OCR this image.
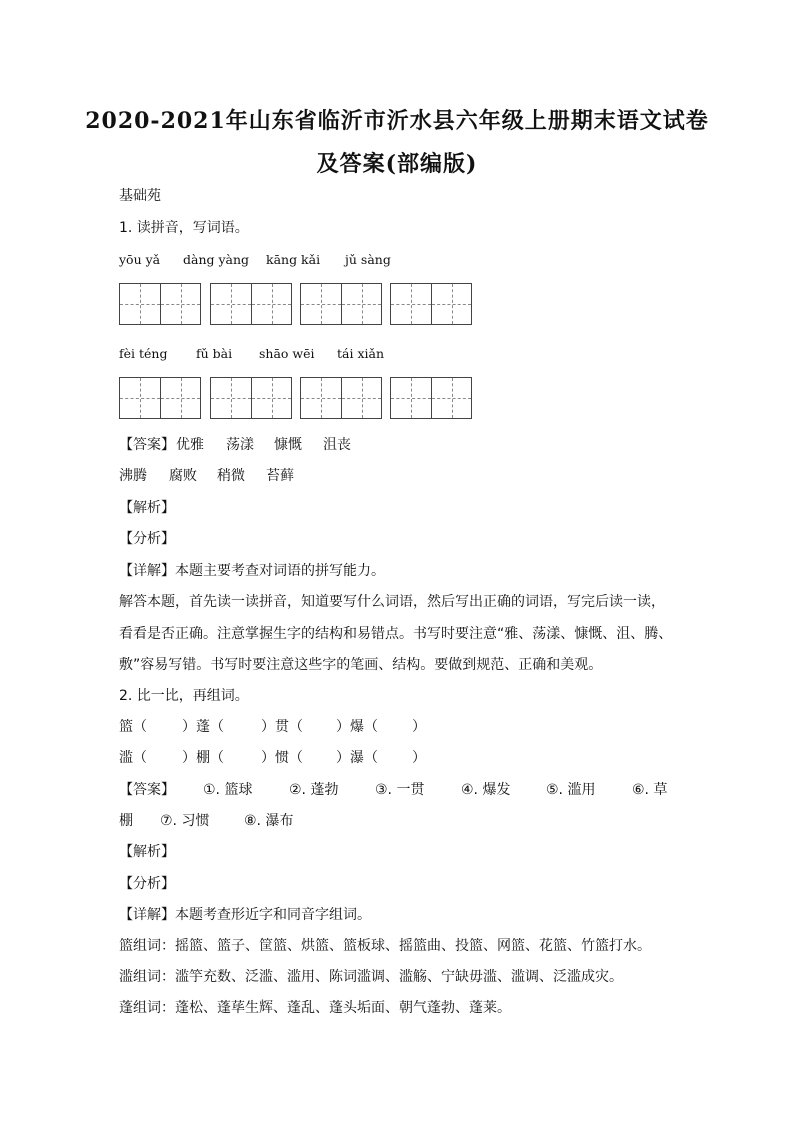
2020-2021年山东省临沂市沂水县六年级上册期末语文试卷
及答案(部编版)
基础苑
1. 读拼音，写词语。
yōu yǎ dàng yàng kāng kǎi jǔ sàng
fèi téng fǔ bài shāo wēi tái xiǎn
【答案】 优雅 荡漾 慷慨 沮丧
沸腾 腐败 稍微 苔藓
【解析】
【分析】
【详解】本题主要考查对词语的拼写能力。
解答本题，首先读一读拼音，知道要写什么词语，然后写出正确的词语，写完后读一读，
看看是否正确。注意掌握生字的结构和易错点。书写时要注意“雅、荡漾、慷慨、沮、腾、
敷”容易写错。书写时要注意这些字的笔画、结构。要做到规范、正确和美观。
2. 比一比，再组词。
篮（	）蓬（	）贯（ ）爆（ ）
滥（	）棚（	）惯（ ）瀑（ ）
【答案】 ①. 篮球	②. 蓬勃	③. 一贯	④. 爆发	⑤. 滥用	⑥. 草
棚 ⑦. 习惯 ⑧. 瀑布
【解析】
【分析】
【详解】本题考查形近字和同音字组词。
篮组词：摇篮、篮子、筐篮、烘篮、篮板球、摇篮曲、投篮、网篮、花篮、竹篮打水。
滥组词：滥竽充数、泛滥、滥用、陈词滥调、滥觞、宁缺毋滥、滥调、泛滥成灾。
蓬组词：蓬松、蓬荜生辉、蓬乱、蓬头垢面、朝气蓬勃、蓬莱。
